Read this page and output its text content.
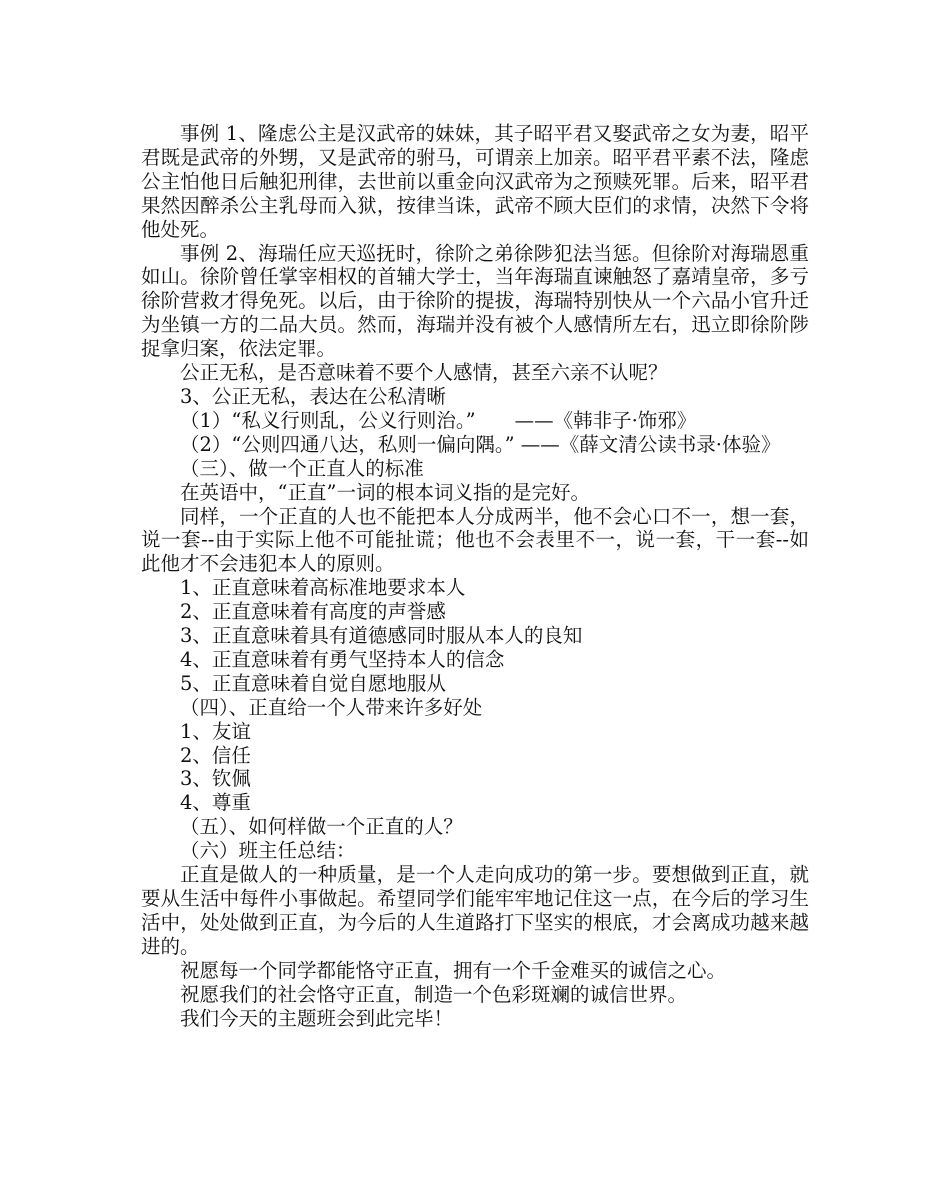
事例 1、隆虑公主是汉武帝的妹妹，其子昭平君又娶武帝之女为妻，昭平君既是武帝的外甥，又是武帝的驸马，可谓亲上加亲。昭平君平素不法，隆虑公主怕他日后触犯刑律，去世前以重金向汉武帝为之预赎死罪。后来，昭平君果然因醉杀公主乳母而入狱，按律当诛，武帝不顾大臣们的求情，决然下令将他处死。

事例 2、海瑞任应天巡抚时，徐阶之弟徐陟犯法当惩。但徐阶对海瑞恩重如山。徐阶曾任掌宰相权的首辅大学士，当年海瑞直谏触怒了嘉靖皇帝，多亏徐阶营救才得免死。以后，由于徐阶的提拔，海瑞特别快从一个六品小官升迁为坐镇一方的二品大员。然而，海瑞并没有被个人感情所左右，迅立即徐阶陟捉拿归案，依法定罪。

公正无私，是否意味着不要个人感情，甚至六亲不认呢？

3、公正无私，表达在公私清晰

（1）“私义行则乱，公义行则治。”　　——《韩非子·饰邪》

（2）“公则四通八达，私则一偏向隅。” ——《薛文清公读书录·体验》

（三）、做一个正直人的标准

在英语中，“正直”一词的根本词义指的是完好。

同样，一个正直的人也不能把本人分成两半，他不会心口不一，想一套，说一套--由于实际上他不可能扯谎；他也不会表里不一，说一套，干一套--如此他才不会违犯本人的原则。

1、正直意味着高标准地要求本人

2、正直意味着有高度的声誉感

3、正直意味着具有道德感同时服从本人的良知

4、正直意味着有勇气坚持本人的信念

5、正直意味着自觉自愿地服从

（四）、正直给一个人带来许多好处

1、友谊

2、信任

3、钦佩

4、尊重

（五）、如何样做一个正直的人？

（六）班主任总结：

正直是做人的一种质量，是一个人走向成功的第一步。要想做到正直，就要从生活中每件小事做起。希望同学们能牢牢地记住这一点，在今后的学习生活中，处处做到正直，为今后的人生道路打下坚实的根底，才会离成功越来越进的。

祝愿每一个同学都能恪守正直，拥有一个千金难买的诚信之心。

祝愿我们的社会恪守正直，制造一个色彩斑斓的诚信世界。

我们今天的主题班会到此完毕！
